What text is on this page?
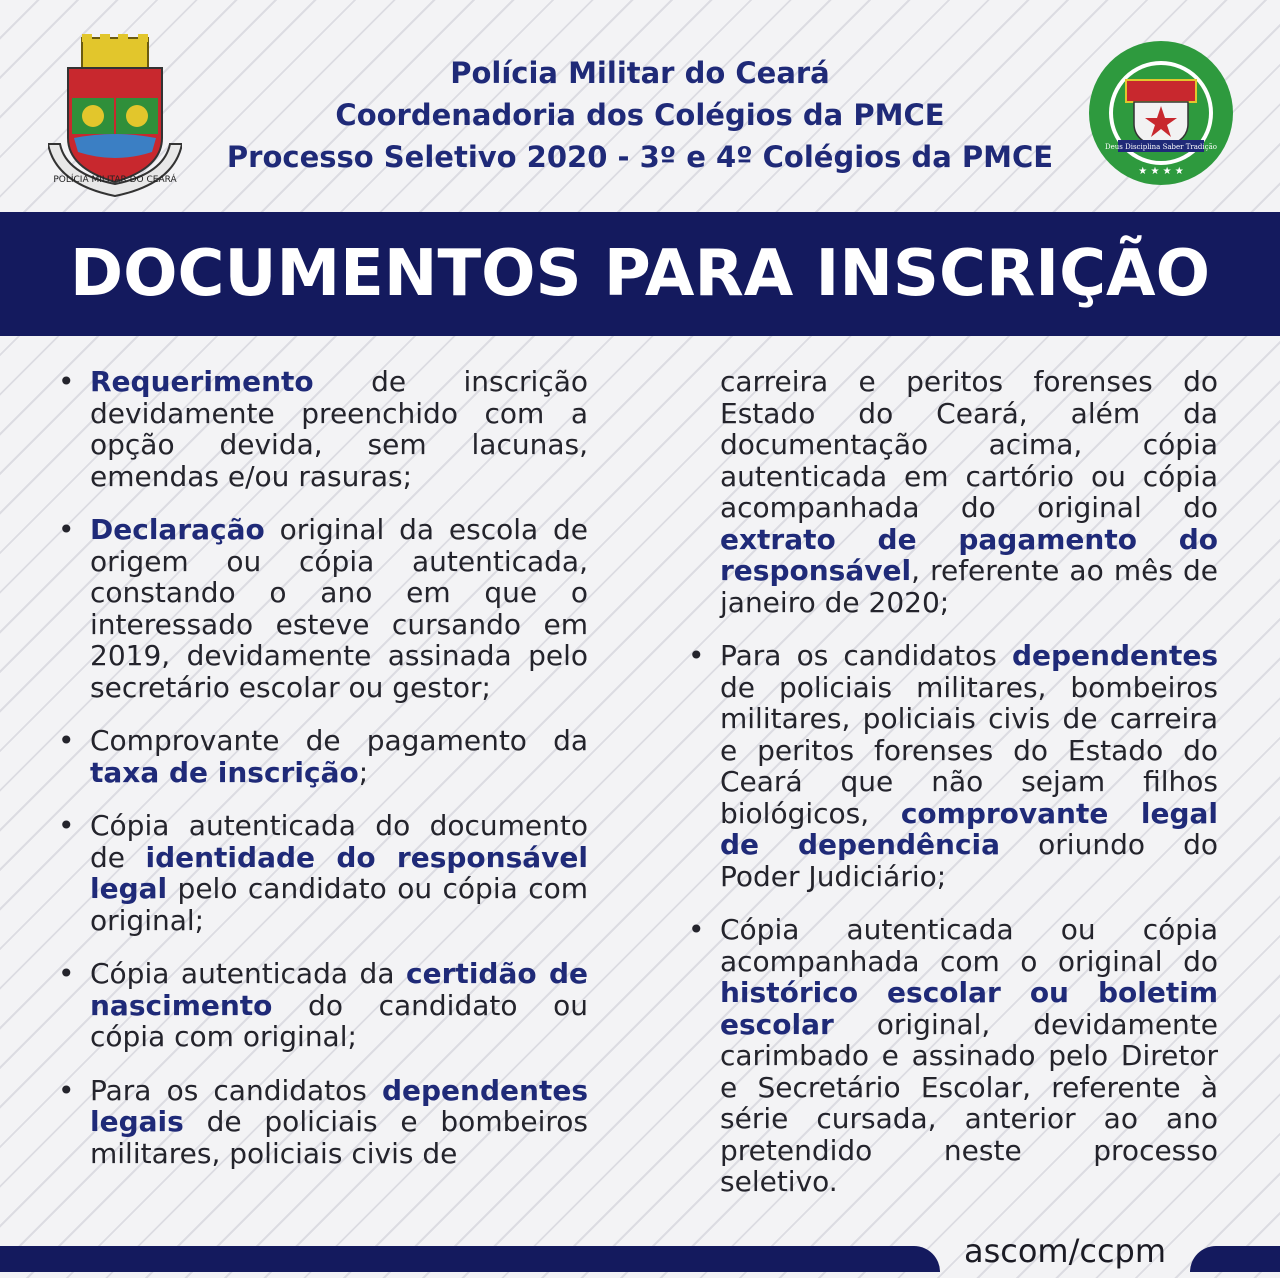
POLÍCIA MILITAR DO CEARÁ
Polícia Militar do Ceará
Coordenadoria dos Colégios da PMCE
Processo Seletivo 2020 - 3º e 4º Colégios da PMCE	Deus Disciplina Saber Tradição
★ ★ ★ ★
DOCUMENTOS PARA INSCRIÇÃO
• Requerimento de inscrição devidamente preenchido com a opção devida, sem lacunas, emendas e/ou rasuras;
• Declaração original da escola de origem ou cópia autenticada, constando o ano em que o interessado esteve cursando em 2019, devidamente assinada pelo secretário escolar ou gestor;
• Comprovante de pagamento da taxa de inscrição;
• Cópia autenticada do documento de identidade do responsável legal pelo candidato ou cópia com original;
• Cópia autenticada da certidão de nascimento do candidato ou cópia com original;
• Para os candidatos dependentes legais de policiais e bombeiros militares, policiais civis de
carreira e peritos forenses do Estado do Ceará, além da documentação acima, cópia autenticada em cartório ou cópia acompanhada do original do extrato de pagamento do responsável, referente ao mês de janeiro de 2020;
• Para os candidatos dependentes de policiais militares, bombeiros militares, policiais civis de carreira e peritos forenses do Estado do Ceará que não sejam filhos biológicos, comprovante legal de dependência oriundo do Poder Judiciário;
• Cópia autenticada ou cópia acompanhada com o original do histórico escolar ou boletim escolar original, devidamente carimbado e assinado pelo Diretor e Secretário Escolar, referente à série cursada, anterior ao ano pretendido neste processo seletivo.
ascom/ccpm
